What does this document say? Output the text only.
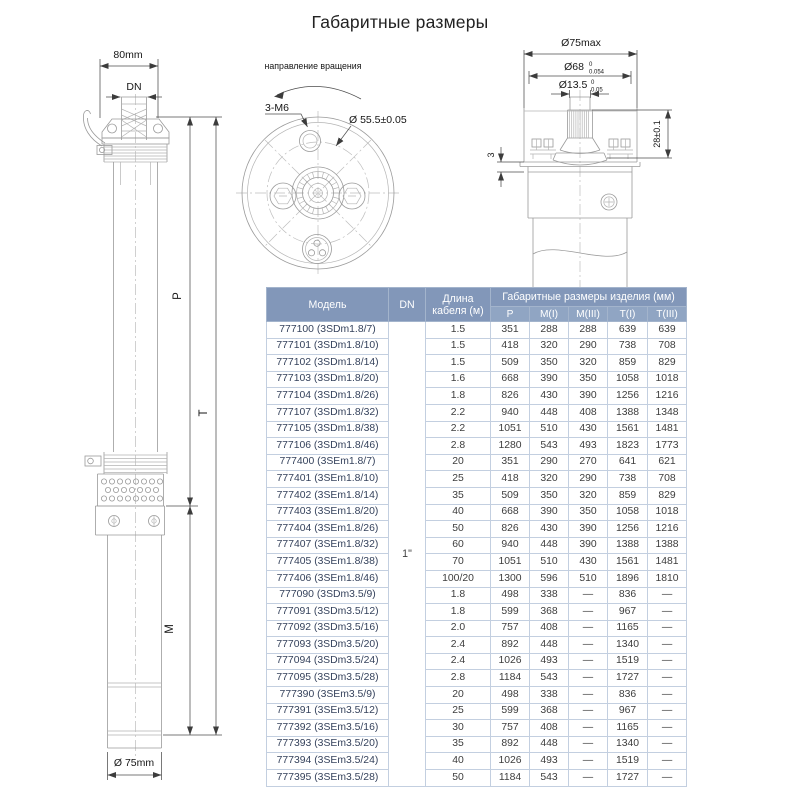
Габаритные размеры
80mm
DN
P
T
M
Ø 75mm
направление вращения
3-M6
Ø 55.5±0.05
Ø75max
Ø68 0
0.054
Ø13.5 0
0.05
28±0.1
3
Модель	DN	Длина кабеля (м)	Габаритные размеры изделия (мм)				
			P	M(I)	M(III)	T(I)	T(III)
777100 (3SDm1.8/7)	1"	1.5	351	288	288	639	639
777101 (3SDm1.8/10)		1.5	418	320	290	738	708
777102 (3SDm1.8/14)		1.5	509	350	320	859	829
777103 (3SDm1.8/20)		1.6	668	390	350	1058	1018
777104 (3SDm1.8/26)		1.8	826	430	390	1256	1216
777107 (3SDm1.8/32)		2.2	940	448	408	1388	1348
777105 (3SDm1.8/38)		2.2	1051	510	430	1561	1481
777106 (3SDm1.8/46)		2.8	1280	543	493	1823	1773
777400 (3SEm1.8/7)		20	351	290	270	641	621
777401 (3SEm1.8/10)		25	418	320	290	738	708
777402 (3SEm1.8/14)		35	509	350	320	859	829
777403 (3SEm1.8/20)		40	668	390	350	1058	1018
777404 (3SEm1.8/26)		50	826	430	390	1256	1216
777407 (3SEm1.8/32)		60	940	448	390	1388	1388
777405 (3SEm1.8/38)		70	1051	510	430	1561	1481
777406 (3SEm1.8/46)		100/20	1300	596	510	1896	1810
777090 (3SDm3.5/9)		1.8	498	338	—	836	—
777091 (3SDm3.5/12)		1.8	599	368	—	967	—
777092 (3SDm3.5/16)		2.0	757	408	—	1165	—
777093 (3SDm3.5/20)		2.4	892	448	—	1340	—
777094 (3SDm3.5/24)		2.4	1026	493	—	1519	—
777095 (3SDm3.5/28)		2.8	1184	543	—	1727	—
777390 (3SEm3.5/9)		20	498	338	—	836	—
777391 (3SEm3.5/12)		25	599	368	—	967	—
777392 (3SEm3.5/16)		30	757	408	—	1165	—
777393 (3SEm3.5/20)		35	892	448	—	1340	—
777394 (3SEm3.5/24)		40	1026	493	—	1519	—
777395 (3SEm3.5/28)		50	1184	543	—	1727	—
